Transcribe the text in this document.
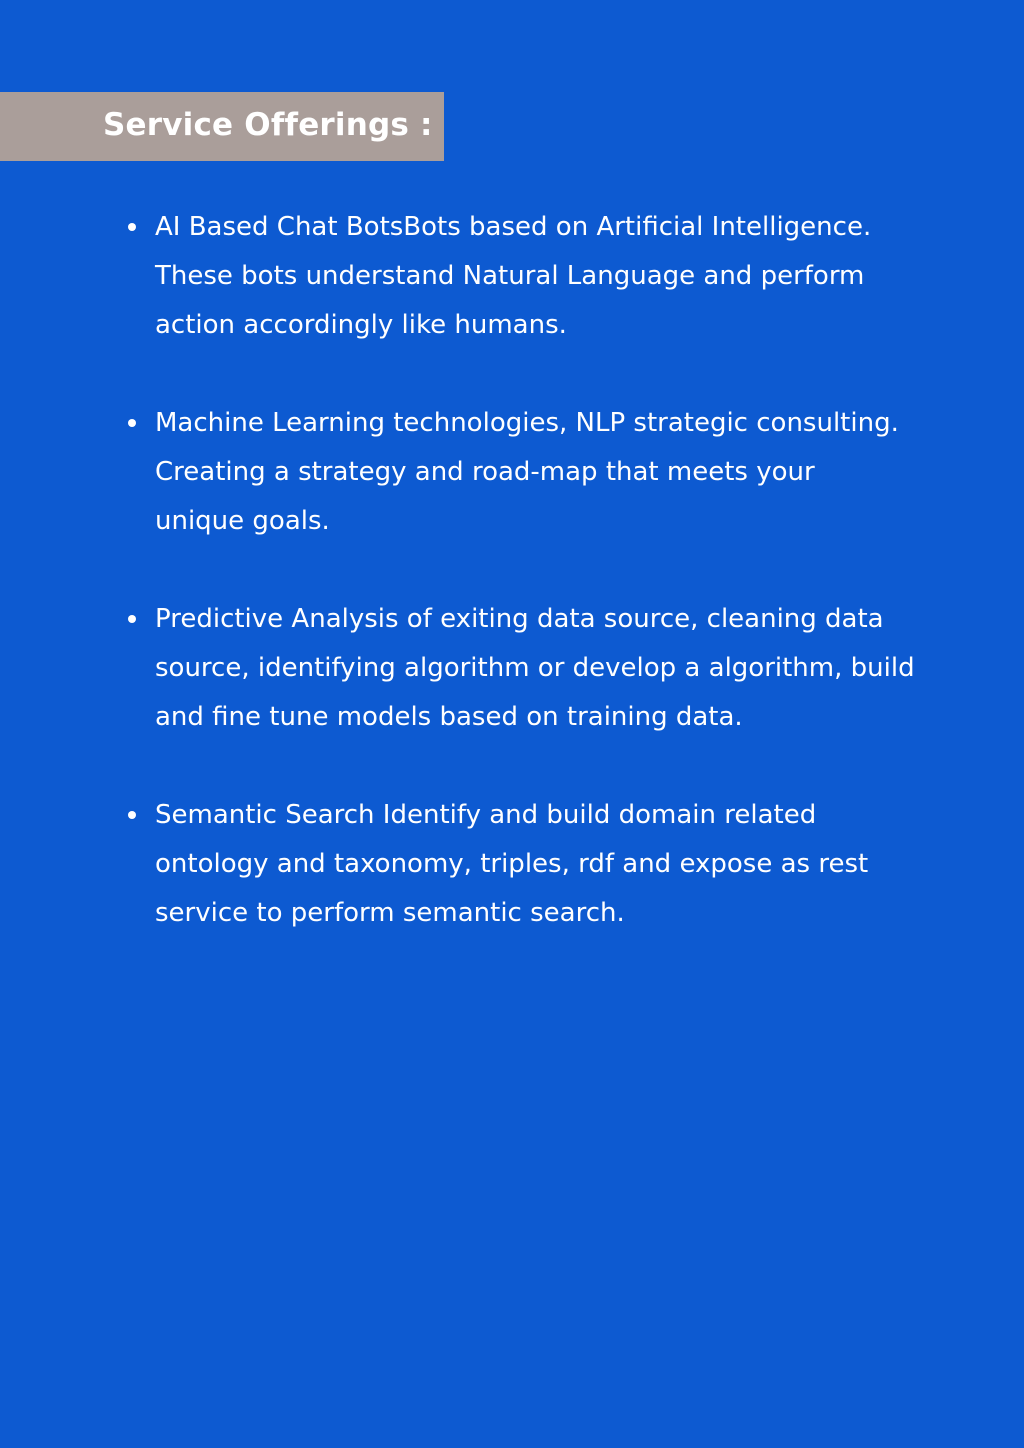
Service Offerings :
AI Based Chat BotsBots based on Artificial Intelligence.
These bots understand Natural Language and perform
action accordingly like humans.
Machine Learning technologies, NLP strategic consulting.
Creating a strategy and road-map that meets your
unique goals.
Predictive Analysis of exiting data source, cleaning data
source, identifying algorithm or develop a algorithm, build
and fine tune models based on training data.
Semantic Search Identify and build domain related
ontology and taxonomy, triples, rdf and expose as rest
service to perform semantic search.
